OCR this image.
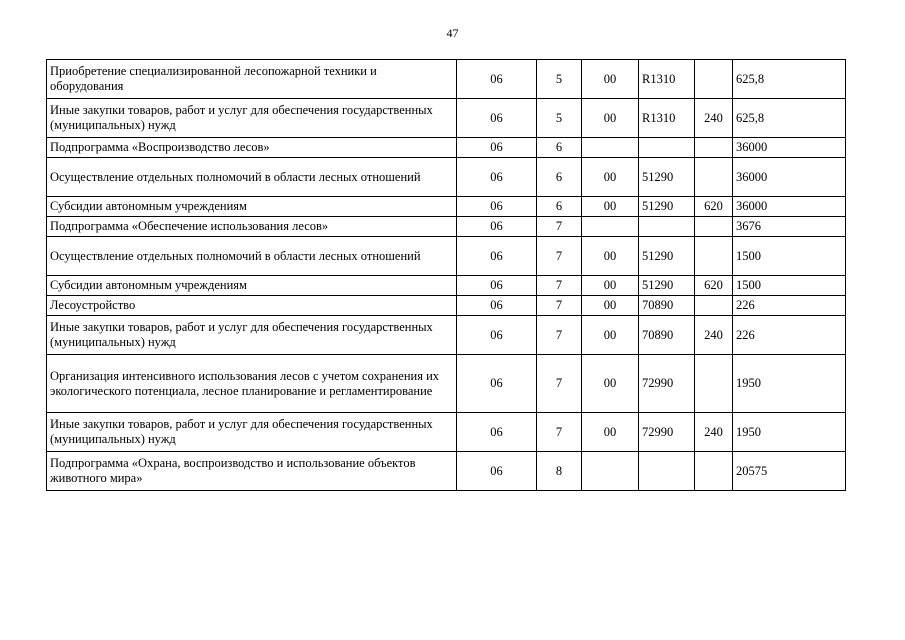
47
Приобретение специализированной лесопожарной техники и оборудования	06	5	00	R1310		625,8
Иные закупки товаров, работ и услуг для обеспечения государственных (муниципальных) нужд	06	5	00	R1310	240	625,8
Подпрограмма «Воспроизводство лесов»	06	6				36000
Осуществление отдельных полномочий в области лесных отношений	06	6	00	51290		36000
Субсидии автономным учреждениям	06	6	00	51290	620	36000
Подпрограмма «Обеспечение использования лесов»	06	7				3676
Осуществление отдельных полномочий в области лесных отношений	06	7	00	51290		1500
Субсидии автономным учреждениям	06	7	00	51290	620	1500
Лесоустройство	06	7	00	70890		226
Иные закупки товаров, работ и услуг для обеспечения государственных (муниципальных) нужд	06	7	00	70890	240	226
Организация интенсивного использования лесов с учетом сохранения их экологического потенциала, лесное планирование и регламентирование	06	7	00	72990		1950
Иные закупки товаров, работ и услуг для обеспечения государственных (муниципальных) нужд	06	7	00	72990	240	1950
Подпрограмма «Охрана, воспроизводство и использование объектов животного мира»	06	8				20575
